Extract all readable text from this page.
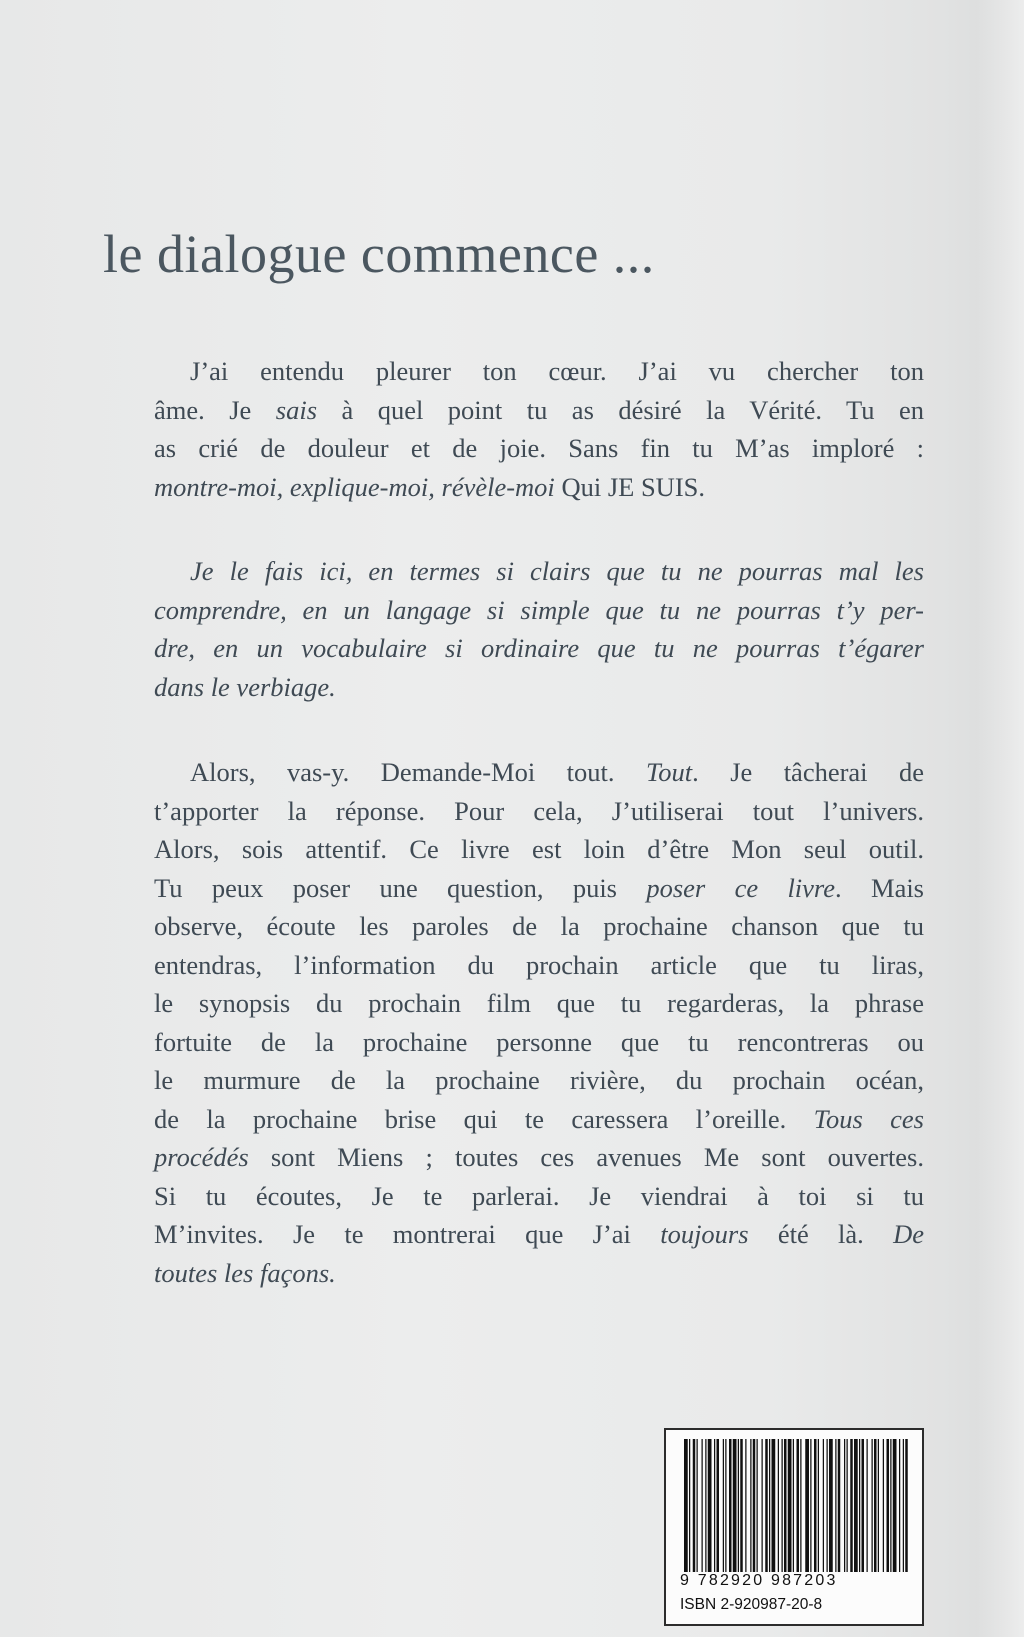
le dialogue commence ...
J’ai entendu pleurer ton cœur. J’ai vu chercher ton
âme. Je sais à quel point tu as désiré la Vérité. Tu en
as crié de douleur et de joie. Sans fin tu M’as imploré :
montre-moi, explique-moi, révèle-moi Qui JE SUIS.
Je le fais ici, en termes si clairs que tu ne pourras mal les
comprendre, en un langage si simple que tu ne pourras t’y per-
dre, en un vocabulaire si ordinaire que tu ne pourras t’égarer
dans le verbiage.
Alors, vas-y. Demande-Moi tout. Tout. Je tâcherai de
t’apporter la réponse. Pour cela, J’utiliserai tout l’univers.
Alors, sois attentif. Ce livre est loin d’être Mon seul outil.
Tu peux poser une question, puis poser ce livre. Mais
observe, écoute les paroles de la prochaine chanson que tu
entendras, l’information du prochain article que tu liras,
le synopsis du prochain film que tu regarderas, la phrase
fortuite de la prochaine personne que tu rencontreras ou
le murmure de la prochaine rivière, du prochain océan,
de la prochaine brise qui te caressera l’oreille. Tous ces
procédés sont Miens ; toutes ces avenues Me sont ouvertes.
Si tu écoutes, Je te parlerai. Je viendrai à toi si tu
M’invites. Je te montrerai que J’ai toujours été là. De
toutes les façons.
9 782920 987203
ISBN 2-920987-20-8
